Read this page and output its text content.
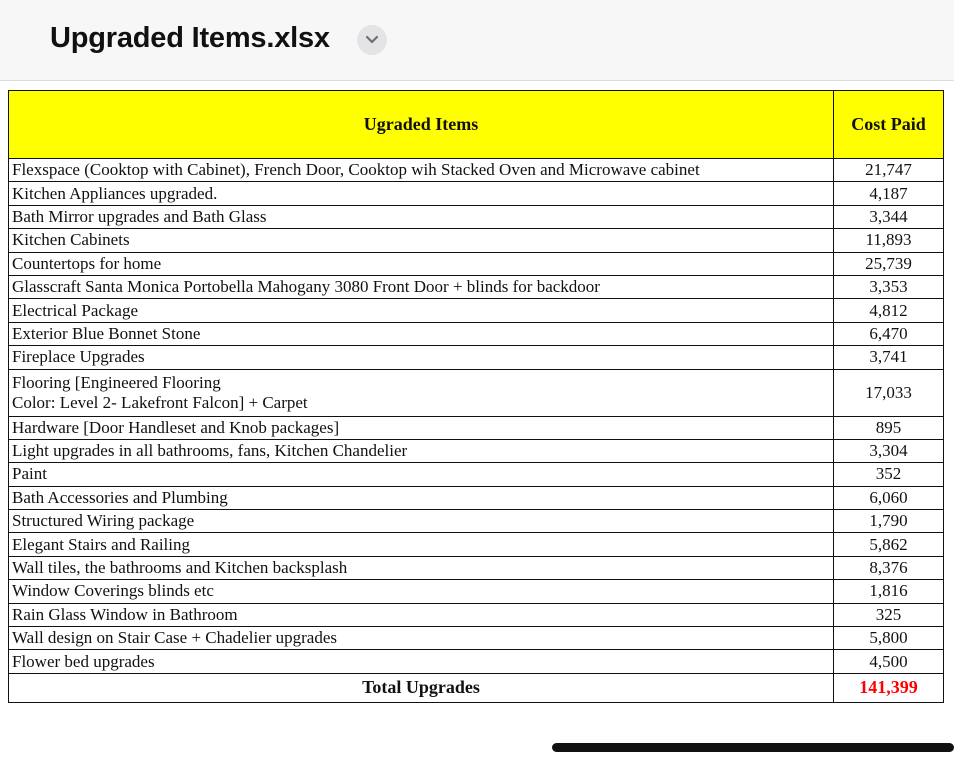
Upgraded Items.xlsx
Ugraded Items	Cost Paid

Flexspace (Cooktop with Cabinet), French Door, Cooktop wih Stacked Oven and Microwave cabinet	21,747

Kitchen Appliances upgraded.	4,187

Bath Mirror upgrades and Bath Glass	3,344

Kitchen Cabinets	11,893

Countertops for home	25,739

Glasscraft Santa Monica Portobella Mahogany 3080 Front Door + blinds for backdoor	3,353

Electrical Package	4,812

Exterior Blue Bonnet Stone	6,470

Fireplace Upgrades	3,741

Flooring [Engineered Flooring
Color: Level 2- Lakefront Falcon] + Carpet	17,033

Hardware [Door Handleset and Knob packages]	895

Light upgrades in all bathrooms, fans, Kitchen Chandelier	3,304

Paint	352

Bath Accessories and Plumbing	6,060

Structured Wiring package	1,790

Elegant Stairs and Railing	5,862

Wall tiles, the bathrooms and Kitchen backsplash	8,376

Window Coverings blinds etc	1,816

Rain Glass Window in Bathroom	325

Wall design on Stair Case + Chadelier upgrades	5,800

Flower bed upgrades	4,500
Total Upgrades	141,399
